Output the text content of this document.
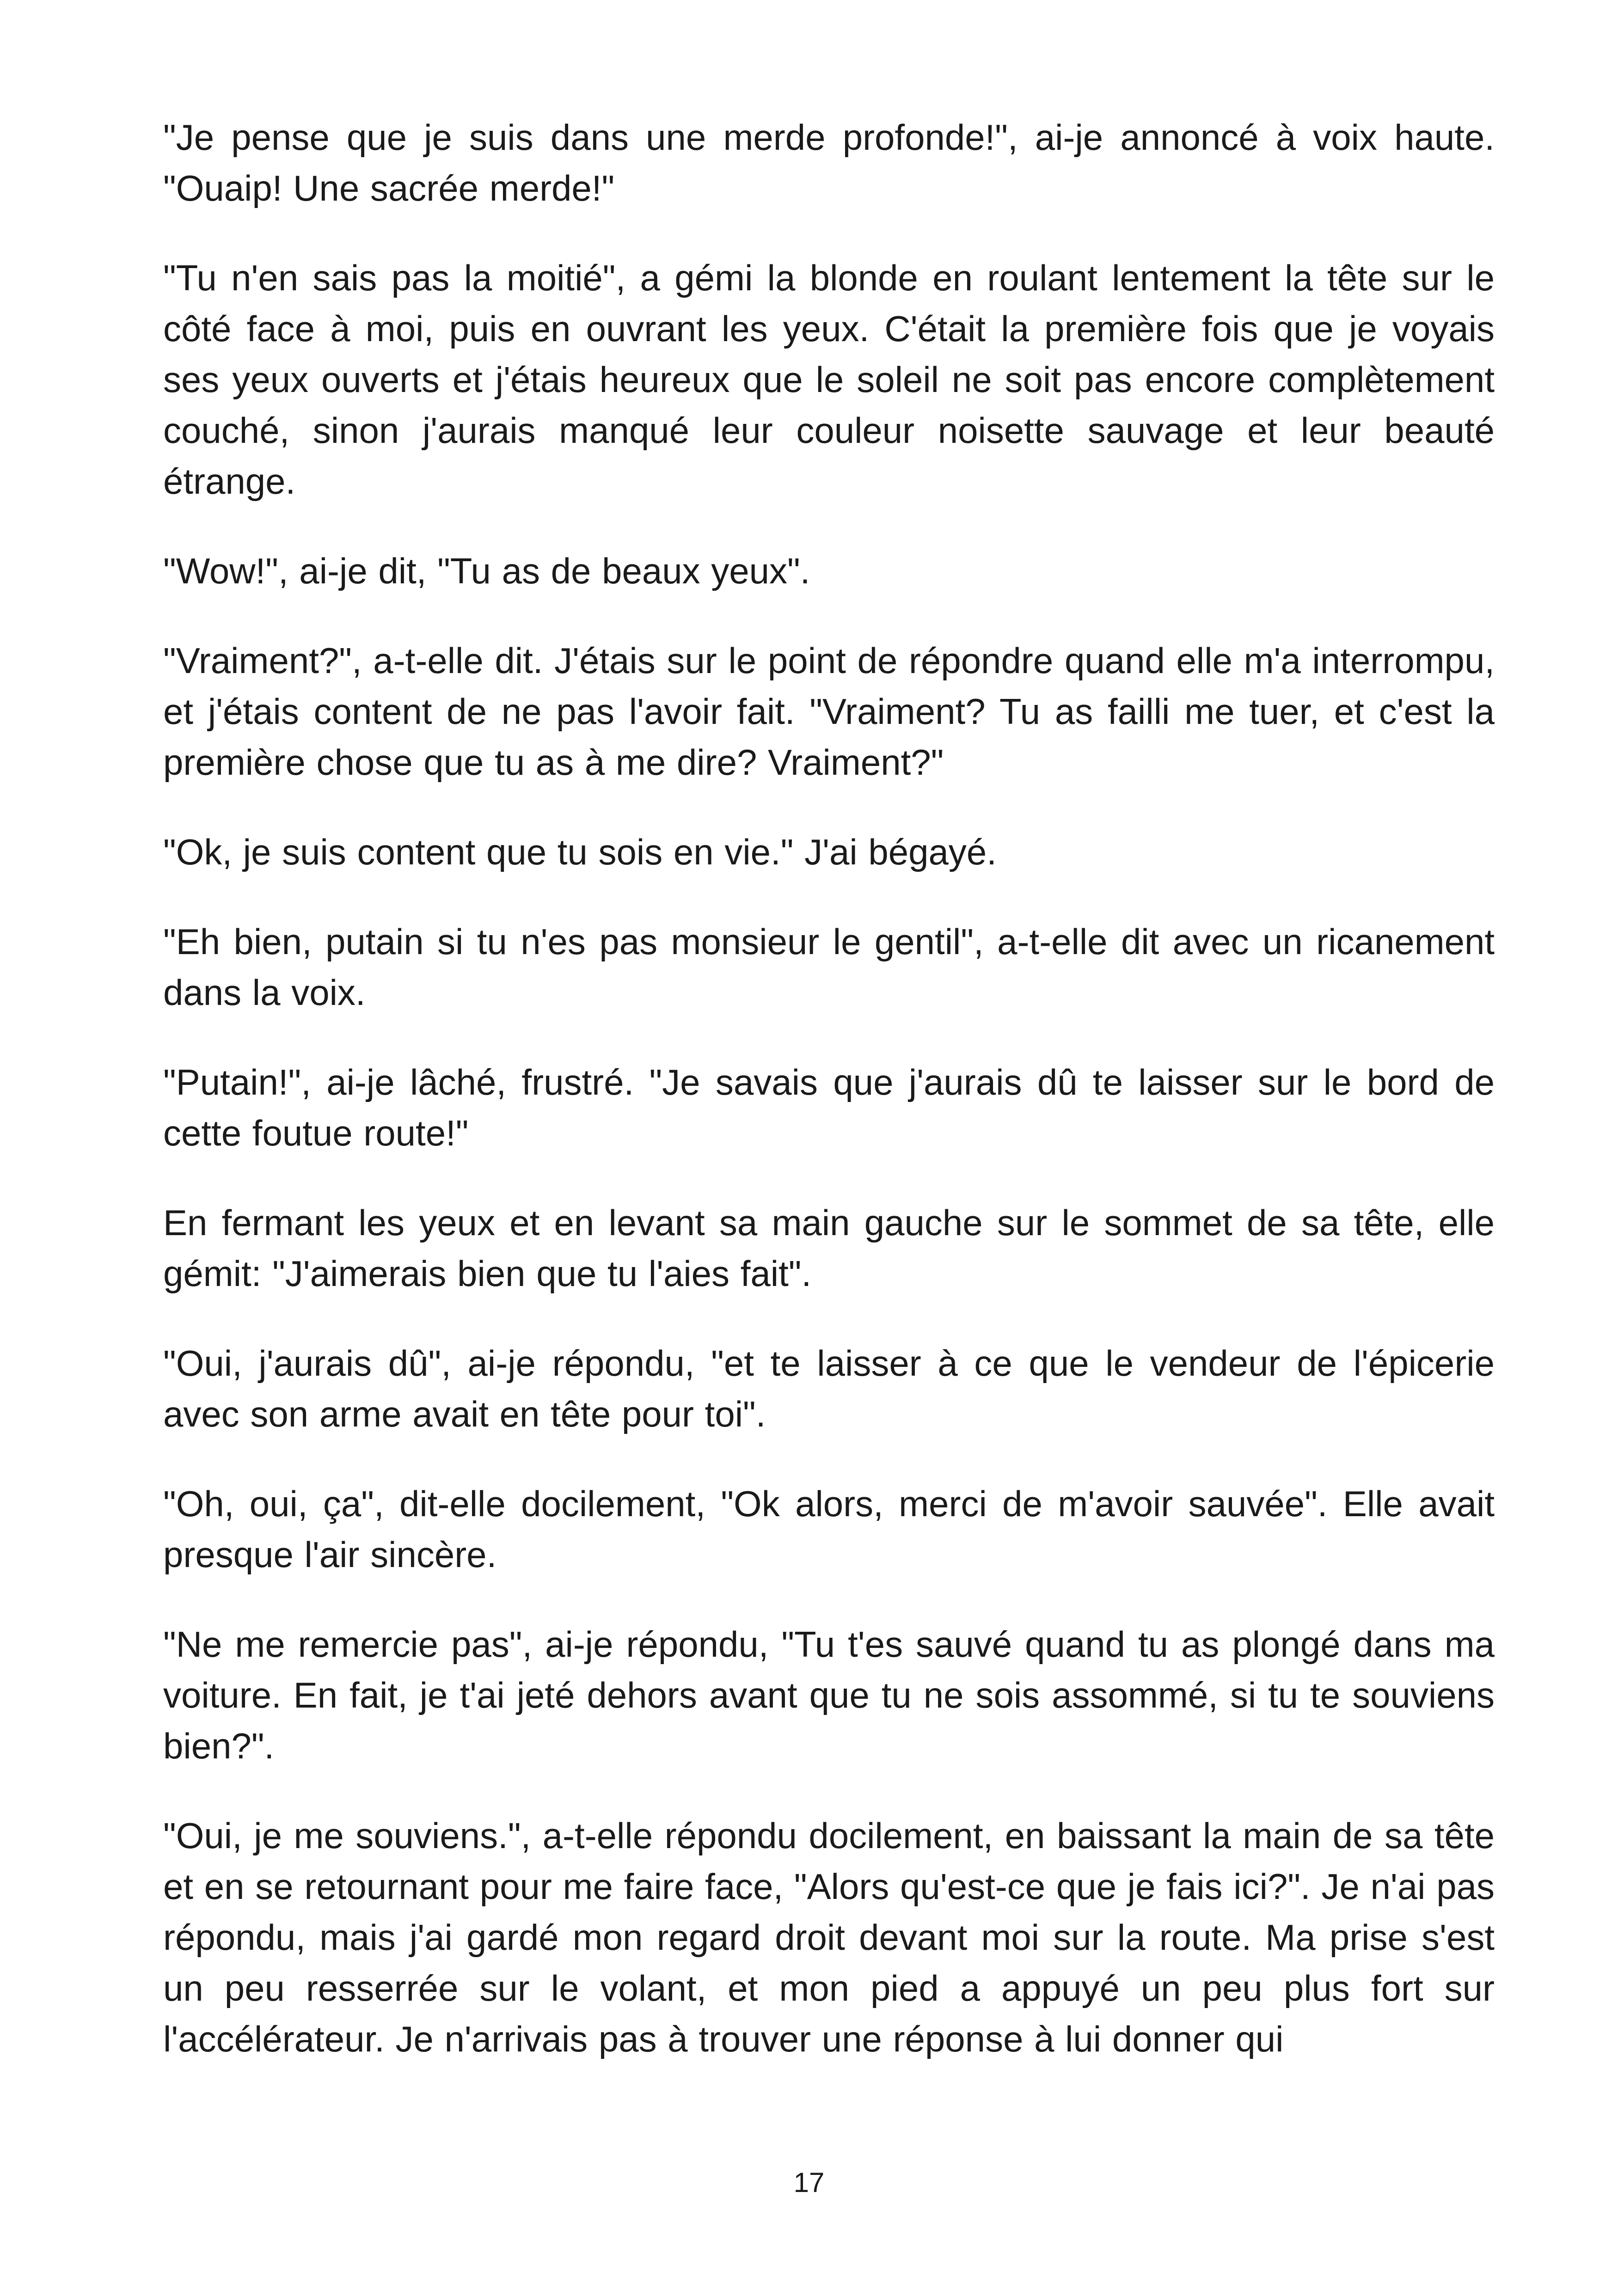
"Je pense que je suis dans une merde profonde!", ai-je annoncé à voix haute. "Ouaip! Une sacrée merde!"

"Tu n'en sais pas la moitié", a gémi la blonde en roulant lentement la tête sur le côté face à moi, puis en ouvrant les yeux. C'était la première fois que je voyais ses yeux ouverts et j'étais heureux que le soleil ne soit pas encore complètement couché, sinon j'aurais manqué leur couleur noisette sauvage et leur beauté étrange.

"Wow!", ai-je dit, "Tu as de beaux yeux".

"Vraiment?", a-t-elle dit. J'étais sur le point de répondre quand elle m'a interrompu, et j'étais content de ne pas l'avoir fait. "Vraiment? Tu as failli me tuer, et c'est la première chose que tu as à me dire? Vraiment?"

"Ok, je suis content que tu sois en vie." J'ai bégayé.

"Eh bien, putain si tu n'es pas monsieur le gentil", a-t-elle dit avec un ricanement dans la voix.

"Putain!", ai-je lâché, frustré. "Je savais que j'aurais dû te laisser sur le bord de cette foutue route!"

En fermant les yeux et en levant sa main gauche sur le sommet de sa tête, elle gémit: "J'aimerais bien que tu l'aies fait".

"Oui, j'aurais dû", ai-je répondu, "et te laisser à ce que le vendeur de l'épicerie avec son arme avait en tête pour toi".

"Oh, oui, ça", dit-elle docilement, "Ok alors, merci de m'avoir sauvée". Elle avait presque l'air sincère.

"Ne me remercie pas", ai-je répondu, "Tu t'es sauvé quand tu as plongé dans ma voiture. En fait, je t'ai jeté dehors avant que tu ne sois assommé, si tu te souviens bien?".

"Oui, je me souviens.", a-t-elle répondu docilement, en baissant la main de sa tête et en se retournant pour me faire face, "Alors qu'est-ce que je fais ici?". Je n'ai pas répondu, mais j'ai gardé mon regard droit devant moi sur la route. Ma prise s'est un peu resserrée sur le volant, et mon pied a appuyé un peu plus fort sur l'accélérateur. Je n'arrivais pas à trouver une réponse à lui donner qui

17
